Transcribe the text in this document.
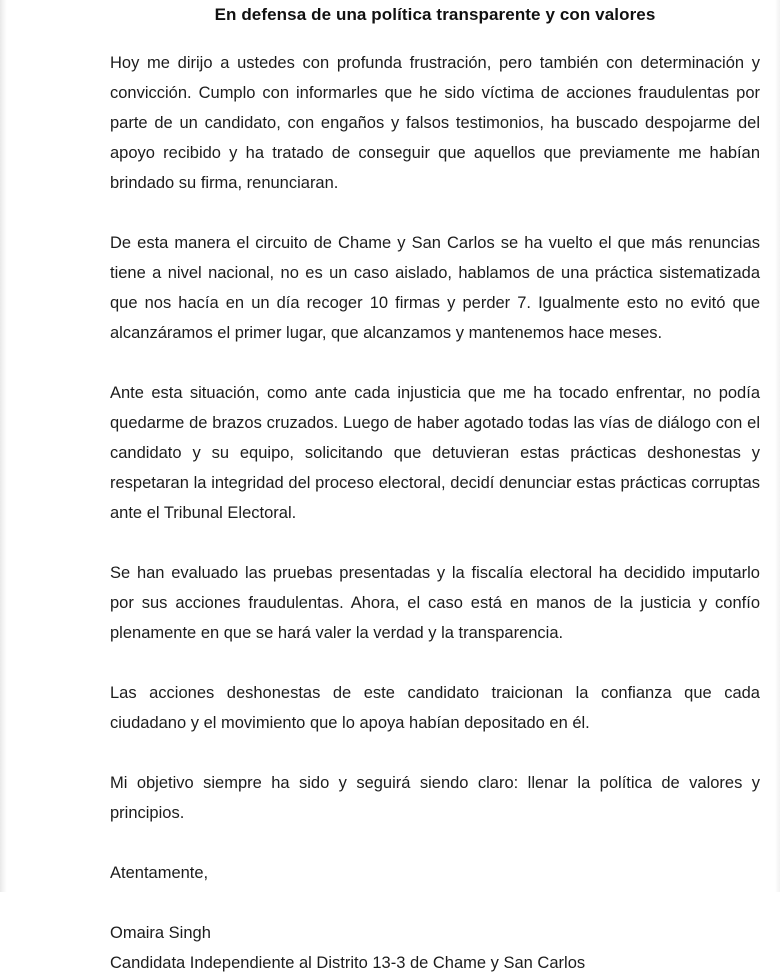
En defensa de una política transparente y con valores

Hoy me dirijo a ustedes con profunda frustración, pero también con determinación y convicción. Cumplo con informarles que he sido víctima de acciones fraudulentas por parte de un candidato, con engaños y falsos testimonios, ha buscado despojarme del apoyo recibido y ha tratado de conseguir que aquellos que previamente me habían brindado su firma, renunciaran.

De esta manera el circuito de Chame y San Carlos se ha vuelto el que más renuncias tiene a nivel nacional, no es un caso aislado, hablamos de una práctica sistematizada que nos hacía en un día recoger 10 firmas y perder 7. Igualmente esto no evitó que alcanzáramos el primer lugar, que alcanzamos y mantenemos hace meses.

Ante esta situación, como ante cada injusticia que me ha tocado enfrentar, no podía quedarme de brazos cruzados. Luego de haber agotado todas las vías de diálogo con el candidato y su equipo, solicitando que detuvieran estas prácticas deshonestas y respetaran la integridad del proceso electoral, decidí denunciar estas prácticas corruptas ante el Tribunal Electoral.

Se han evaluado las pruebas presentadas y la fiscalía electoral ha decidido imputarlo por sus acciones fraudulentas. Ahora, el caso está en manos de la justicia y confío plenamente en que se hará valer la verdad y la transparencia.

Las acciones deshonestas de este candidato traicionan la confianza que cada ciudadano y el movimiento que lo apoya habían depositado en él.

Mi objetivo siempre ha sido y seguirá siendo claro: llenar la política de valores y principios.

Atentamente,

Omaira Singh
Candidata Independiente al Distrito 13-3 de Chame y San Carlos
